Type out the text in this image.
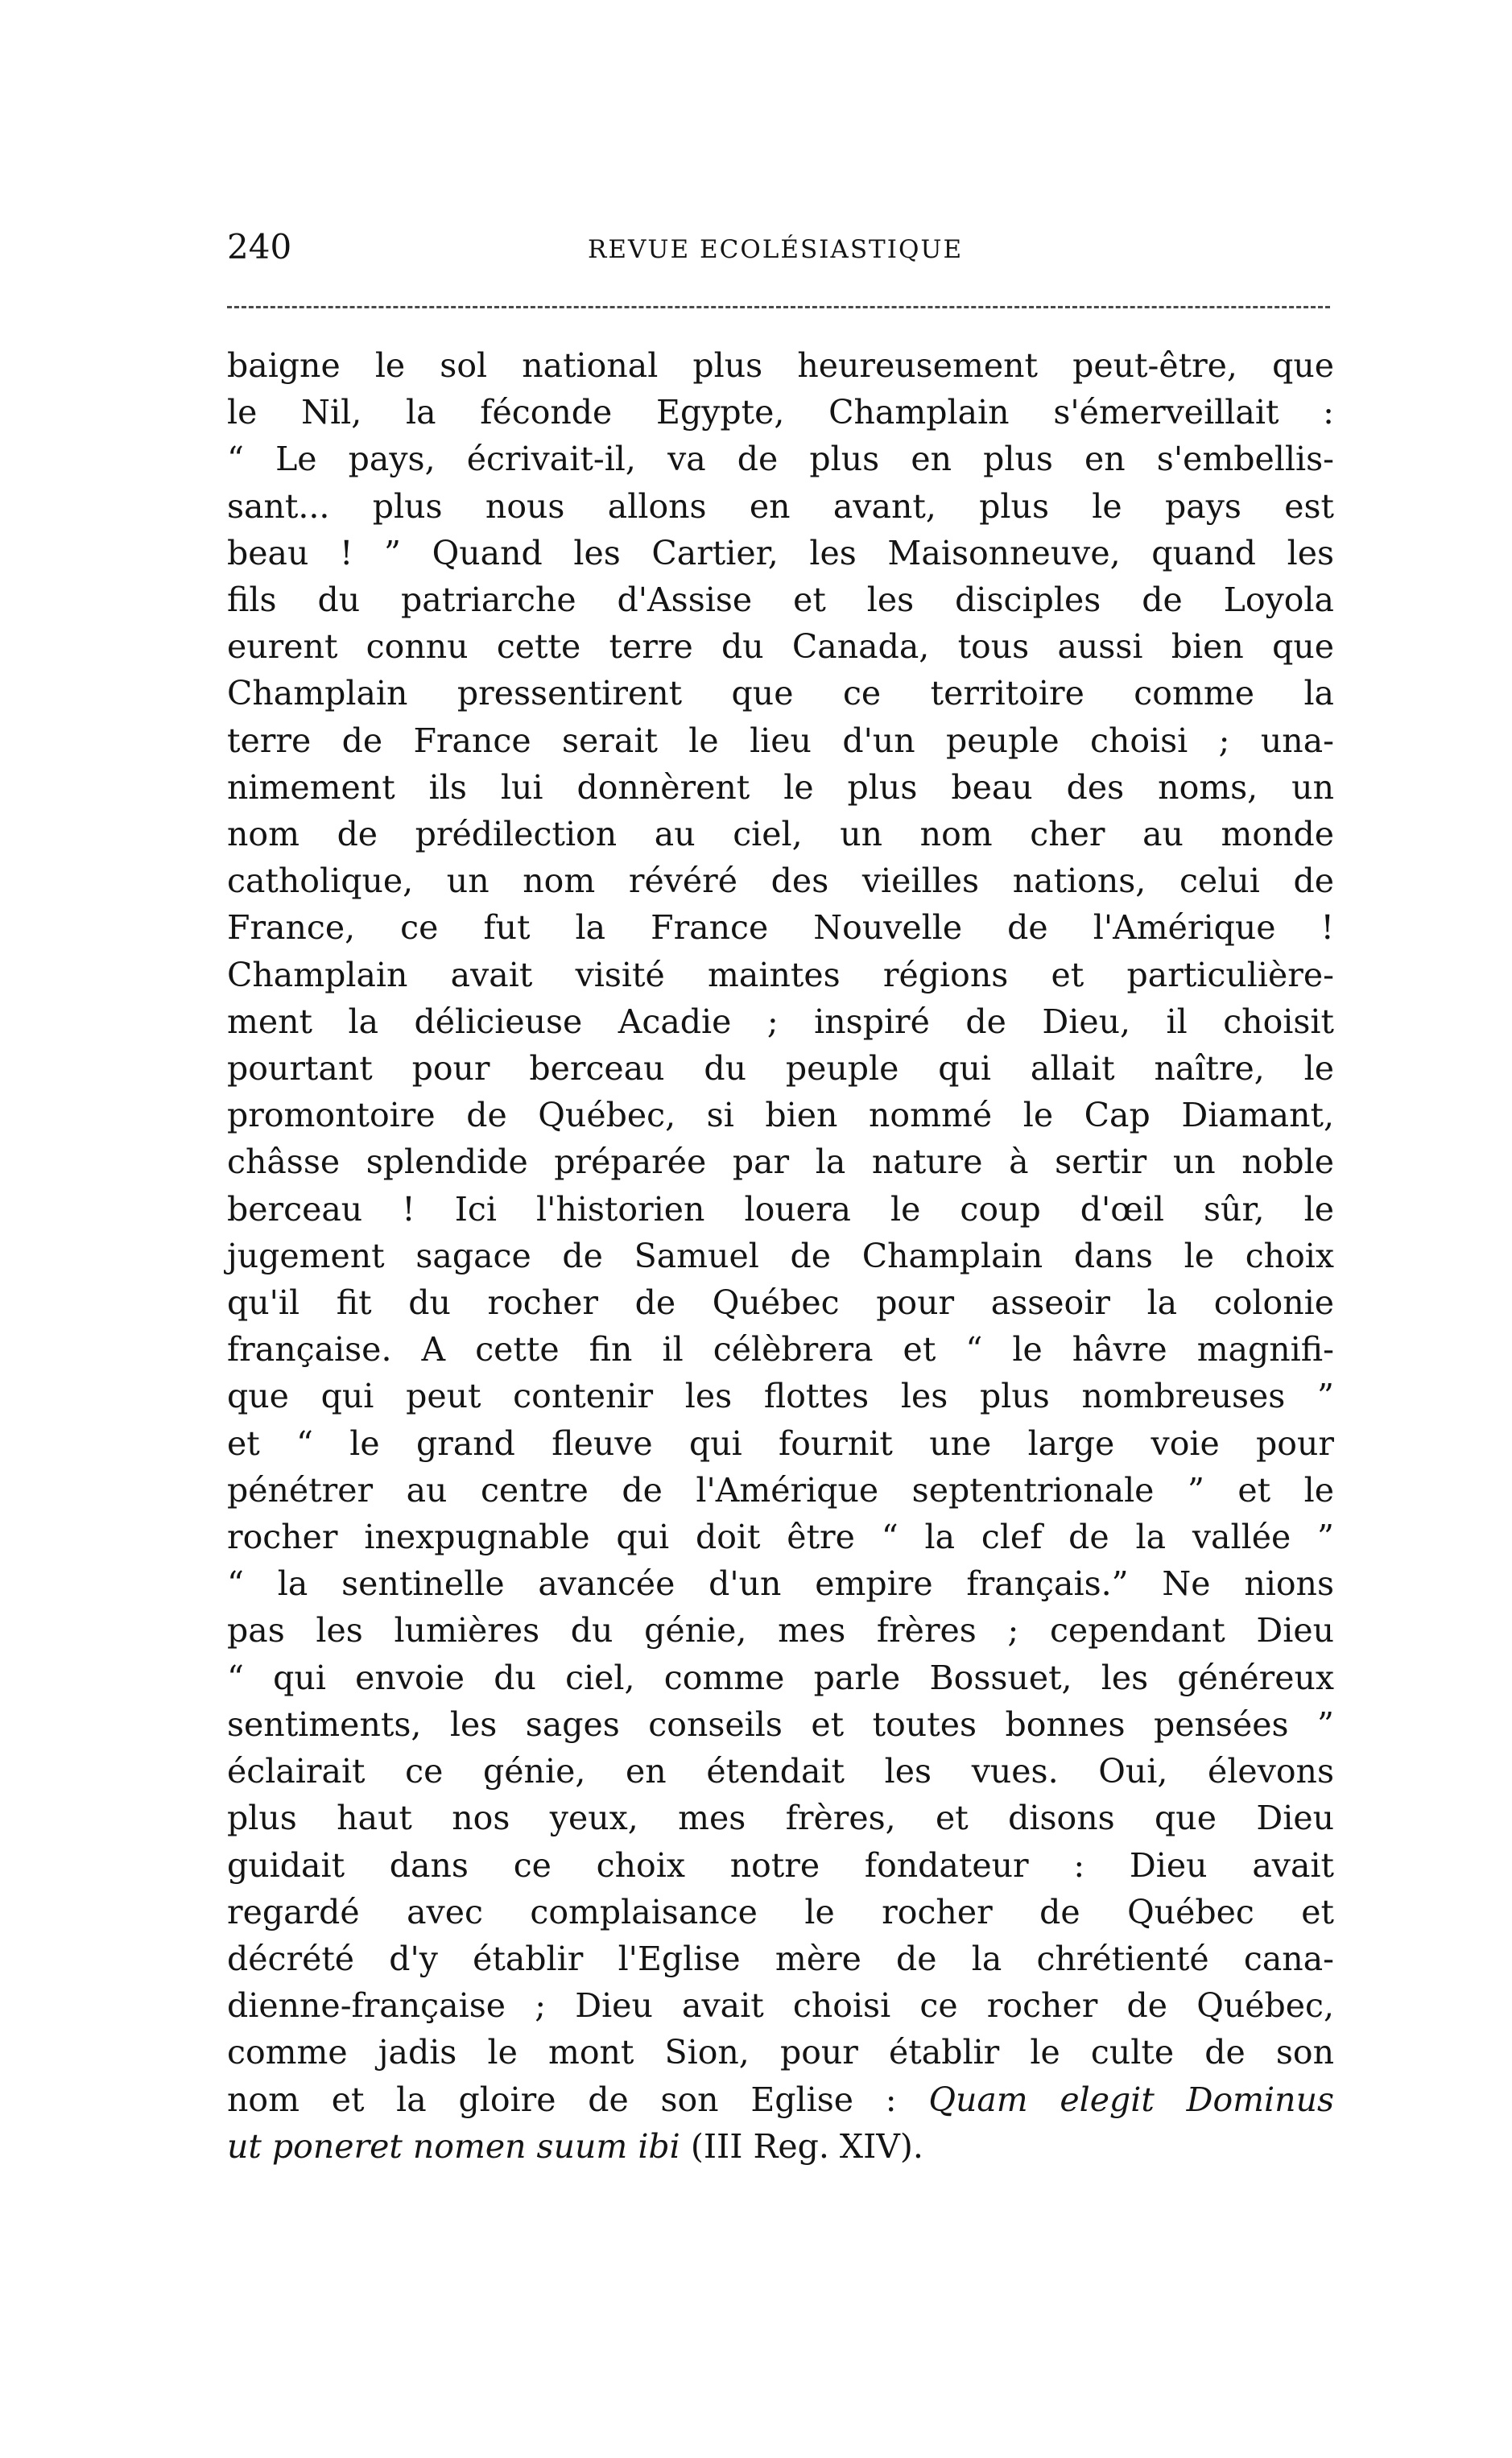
240	REVUE ECOLÉSIASTIQUE
baigne le sol national plus heureusement peut-être, que
le Nil, la féconde Egypte, Champlain s'émerveillait :
“ Le pays, écrivait-il, va de plus en plus en s'embellis-
sant... plus nous allons en avant, plus le pays est
beau ! ” Quand les Cartier, les Maisonneuve, quand les
fils du patriarche d'Assise et les disciples de Loyola
eurent connu cette terre du Canada, tous aussi bien que
Champlain pressentirent que ce territoire comme la
terre de France serait le lieu d'un peuple choisi ; una-
nimement ils lui donnèrent le plus beau des noms, un
nom de prédilection au ciel, un nom cher au monde
catholique, un nom révéré des vieilles nations, celui de
France, ce fut la France Nouvelle de l'Amérique !
Champlain avait visité maintes régions et particulière-
ment la délicieuse Acadie ; inspiré de Dieu, il choisit
pourtant pour berceau du peuple qui allait naître, le
promontoire de Québec, si bien nommé le Cap Diamant,
châsse splendide préparée par la nature à sertir un noble
berceau ! Ici l'historien louera le coup d'œil sûr, le
jugement sagace de Samuel de Champlain dans le choix
qu'il fit du rocher de Québec pour asseoir la colonie
française. A cette fin il célèbrera et “ le hâvre magnifi-
que qui peut contenir les flottes les plus nombreuses ”
et “ le grand fleuve qui fournit une large voie pour
pénétrer au centre de l'Amérique septentrionale ” et le
rocher inexpugnable qui doit être “ la clef de la vallée ”
“ la sentinelle avancée d'un empire français.” Ne nions
pas les lumières du génie, mes frères ; cependant Dieu
“ qui envoie du ciel, comme parle Bossuet, les généreux
sentiments, les sages conseils et toutes bonnes pensées ”
éclairait ce génie, en étendait les vues. Oui, élevons
plus haut nos yeux, mes frères, et disons que Dieu
guidait dans ce choix notre fondateur : Dieu avait
regardé avec complaisance le rocher de Québec et
décrété d'y établir l'Eglise mère de la chrétienté cana-
dienne-française ; Dieu avait choisi ce rocher de Québec,
comme jadis le mont Sion, pour établir le culte de son
nom et la gloire de son Eglise : Quam elegit Dominus
ut poneret nomen suum ibi (III Reg. XIV).
